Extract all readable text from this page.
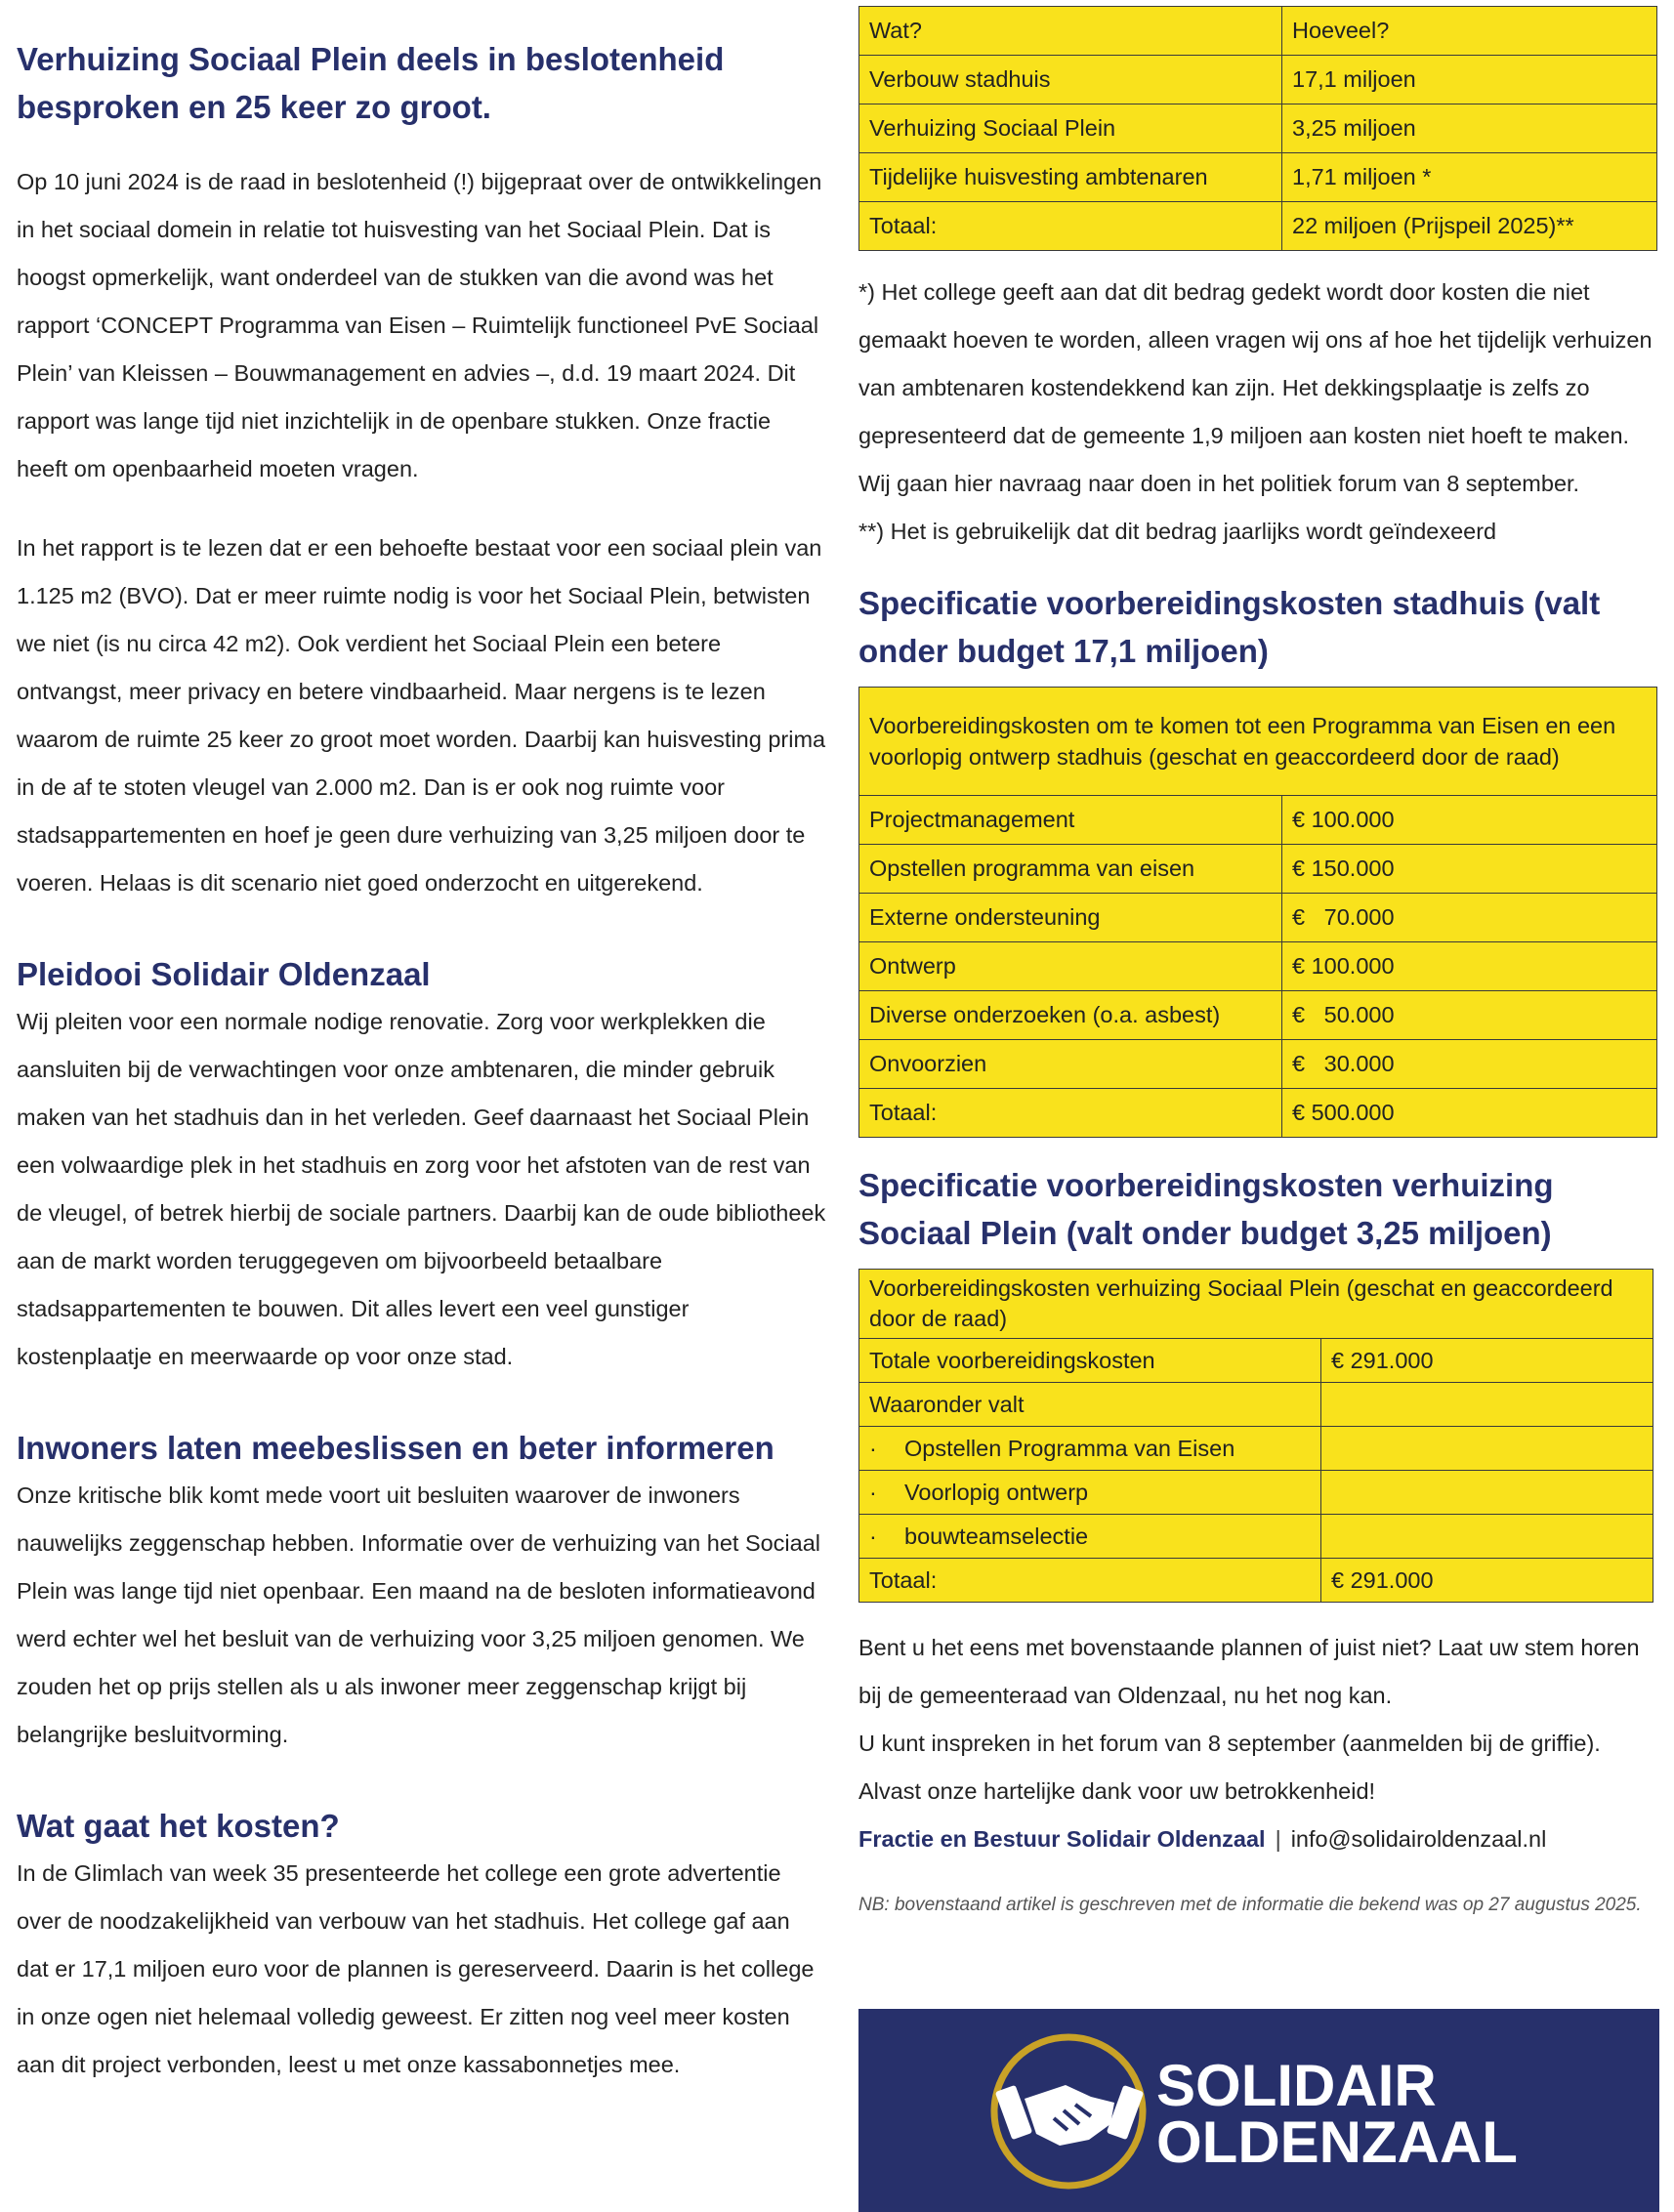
Verhuizing Sociaal Plein deels in beslotenheid besproken en 25 keer zo groot.

Op 10 juni 2024 is de raad in beslotenheid (!) bijgepraat over de ontwikkelingen in het sociaal domein in relatie tot huisvesting van het Sociaal Plein. Dat is hoogst opmerkelijk, want onderdeel van de stukken van die avond was het rapport ‘CONCEPT Programma van Eisen – Ruimtelijk functioneel PvE Sociaal Plein’ van Kleissen – Bouwmanagement en advies –, d.d. 19 maart 2024. Dit rapport was lange tijd niet inzichtelijk in de openbare stukken. Onze fractie heeft om openbaarheid moeten vragen.

In het rapport is te lezen dat er een behoefte bestaat voor een sociaal plein van 1.125 m2 (BVO). Dat er meer ruimte nodig is voor het Sociaal Plein, betwisten we niet (is nu circa 42 m2). Ook verdient het Sociaal Plein een betere ontvangst, meer privacy en betere vindbaarheid. Maar nergens is te lezen waarom de ruimte 25 keer zo groot moet worden. Daarbij kan huisvesting prima in de af te stoten vleugel van 2.000 m2. Dan is er ook nog ruimte voor stadsappartementen en hoef je geen dure verhuizing van 3,25 miljoen door te voeren. Helaas is dit scenario niet goed onderzocht en uitgerekend.

Pleidooi Solidair Oldenzaal

Wij pleiten voor een normale nodige renovatie. Zorg voor werkplekken die aansluiten bij de verwachtingen voor onze ambtenaren, die minder gebruik maken van het stadhuis dan in het verleden. Geef daarnaast het Sociaal Plein een volwaardige plek in het stadhuis en zorg voor het afstoten van de rest van de vleugel, of betrek hierbij de sociale partners. Daarbij kan de oude bibliotheek aan de markt worden teruggegeven om bijvoorbeeld betaalbare stadsappartementen te bouwen. Dit alles levert een veel gunstiger kostenplaatje en meerwaarde op voor onze stad.

Inwoners laten meebeslissen en beter informeren

Onze kritische blik komt mede voort uit besluiten waarover de inwoners nauwelijks zeggenschap hebben. Informatie over de verhuizing van het Sociaal Plein was lange tijd niet openbaar. Een maand na de besloten informatieavond werd echter wel het besluit van de verhuizing voor 3,25 miljoen genomen. We zouden het op prijs stellen als u als inwoner meer zeggenschap krijgt bij belangrijke besluitvorming.

Wat gaat het kosten?

In de Glimlach van week 35 presenteerde het college een grote advertentie over de noodzakelijkheid van verbouw van het stadhuis. Het college gaf aan dat er 17,1 miljoen euro voor de plannen is gereserveerd. Daarin is het college in onze ogen niet helemaal volledig geweest. Er zitten nog veel meer kosten aan dit project verbonden, leest u met onze kassabonnetjes mee.

Wat?	Hoeveel?
Verbouw stadhuis	17,1 miljoen
Verhuizing Sociaal Plein	3,25 miljoen
Tijdelijke huisvesting ambtenaren	1,71 miljoen *
Totaal:	22 miljoen (Prijspeil 2025)**

*) Het college geeft aan dat dit bedrag gedekt wordt door kosten die niet gemaakt hoeven te worden, alleen vragen wij ons af hoe het tijdelijk verhuizen van ambtenaren kostendekkend kan zijn. Het dekkingsplaatje is zelfs zo gepresenteerd dat de gemeente 1,9 miljoen aan kosten niet hoeft te maken. Wij gaan hier navraag naar doen in het politiek forum van 8 september.

**) Het is gebruikelijk dat dit bedrag jaarlijks wordt geïndexeerd

Specificatie voorbereidingskosten stadhuis (valt onder budget 17,1 miljoen)
Voorbereidingskosten om te komen tot een Programma van Eisen en een voorlopig ontwerp stadhuis (geschat en geaccordeerd door de raad)	
Projectmanagement	€ 100.000
Opstellen programma van eisen	€ 150.000
Externe ondersteuning	€   70.000
Ontwerp	€ 100.000
Diverse onderzoeken (o.a. asbest)	€   50.000
Onvoorzien	€   30.000
Totaal:	€ 500.000
Specificatie voorbereidingskosten verhuizing Sociaal Plein (valt onder budget 3,25 miljoen)
Voorbereidingskosten verhuizing Sociaal Plein (geschat en geaccordeerd door de raad)	
Totale voorbereidingskosten	€ 291.000
Waaronder valt	
· Opstellen Programma van Eisen	
· Voorlopig ontwerp	
· bouwteamselectie	
Totaal:	€ 291.000

Bent u het eens met bovenstaande plannen of juist niet? Laat uw stem horen bij de gemeenteraad van Oldenzaal, nu het nog kan.

U kunt inspreken in het forum van 8 september (aanmelden bij de griffie).

Alvast onze hartelijke dank voor uw betrokkenheid!

Fractie en Bestuur Solidair Oldenzaal | info@solidairoldenzaal.nl

NB: bovenstaand artikel is geschreven met de informatie die bekend was op 27 augustus 2025.

SOLIDAIR
OLDENZAAL
